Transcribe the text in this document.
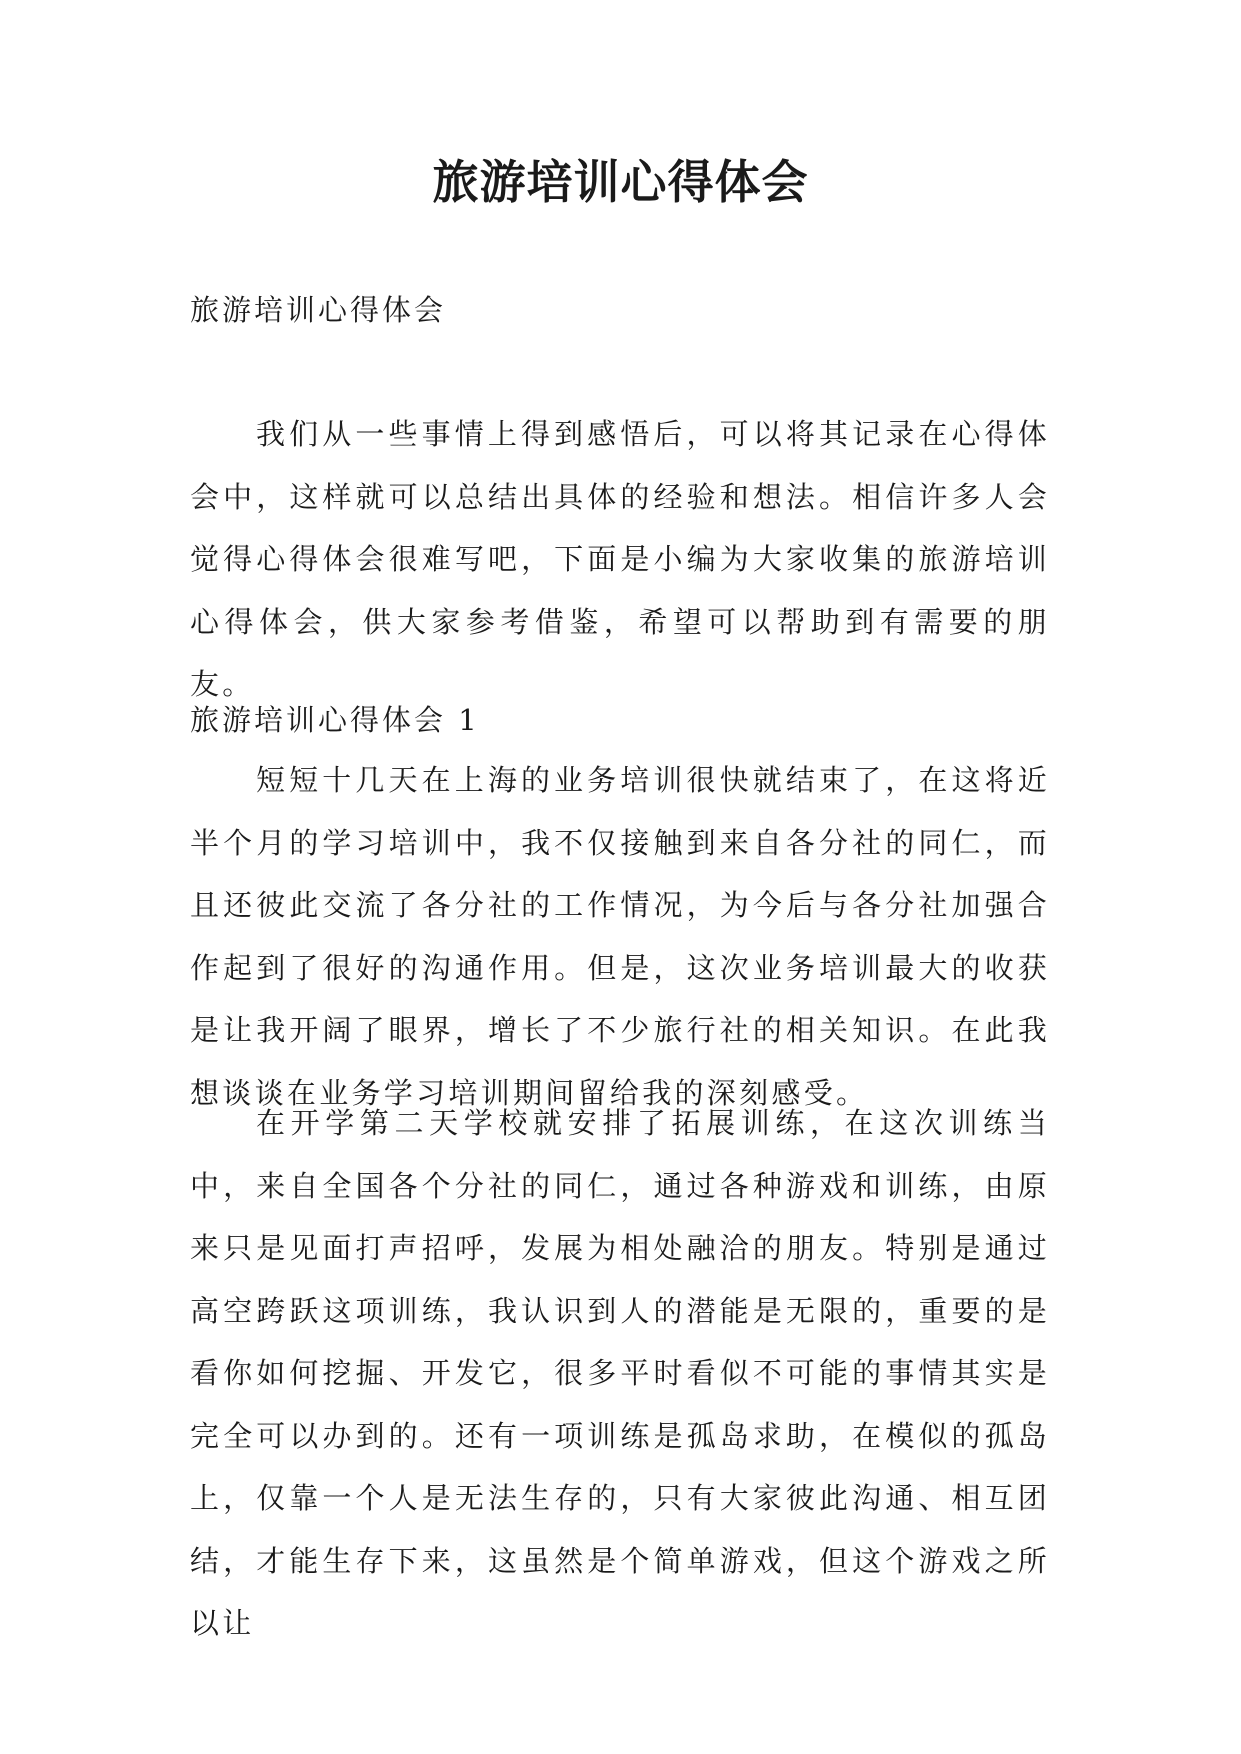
旅游培训心得体会

旅游培训心得体会

我们从一些事情上得到感悟后，可以将其记录在心得体会中，这样就可以总结出具体的经验和想法。相信许多人会觉得心得体会很难写吧，下面是小编为大家收集的旅游培训心得体会，供大家参考借鉴，希望可以帮助到有需要的朋友。

旅游培训心得体会 1

短短十几天在上海的业务培训很快就结束了，在这将近半个月的学习培训中，我不仅接触到来自各分社的同仁，而且还彼此交流了各分社的工作情况，为今后与各分社加强合作起到了很好的沟通作用。但是，这次业务培训最大的收获是让我开阔了眼界，增长了不少旅行社的相关知识。在此我想谈谈在业务学习培训期间留给我的深刻感受。

在开学第二天学校就安排了拓展训练，在这次训练当中，来自全国各个分社的同仁，通过各种游戏和训练，由原来只是见面打声招呼，发展为相处融洽的朋友。特别是通过高空跨跃这项训练，我认识到人的潜能是无限的，重要的是看你如何挖掘、开发它，很多平时看似不可能的事情其实是完全可以办到的。还有一项训练是孤岛求助，在模似的孤岛上，仅靠一个人是无法生存的，只有大家彼此沟通、相互团结，才能生存下来，这虽然是个简单游戏，但这个游戏之所以让
